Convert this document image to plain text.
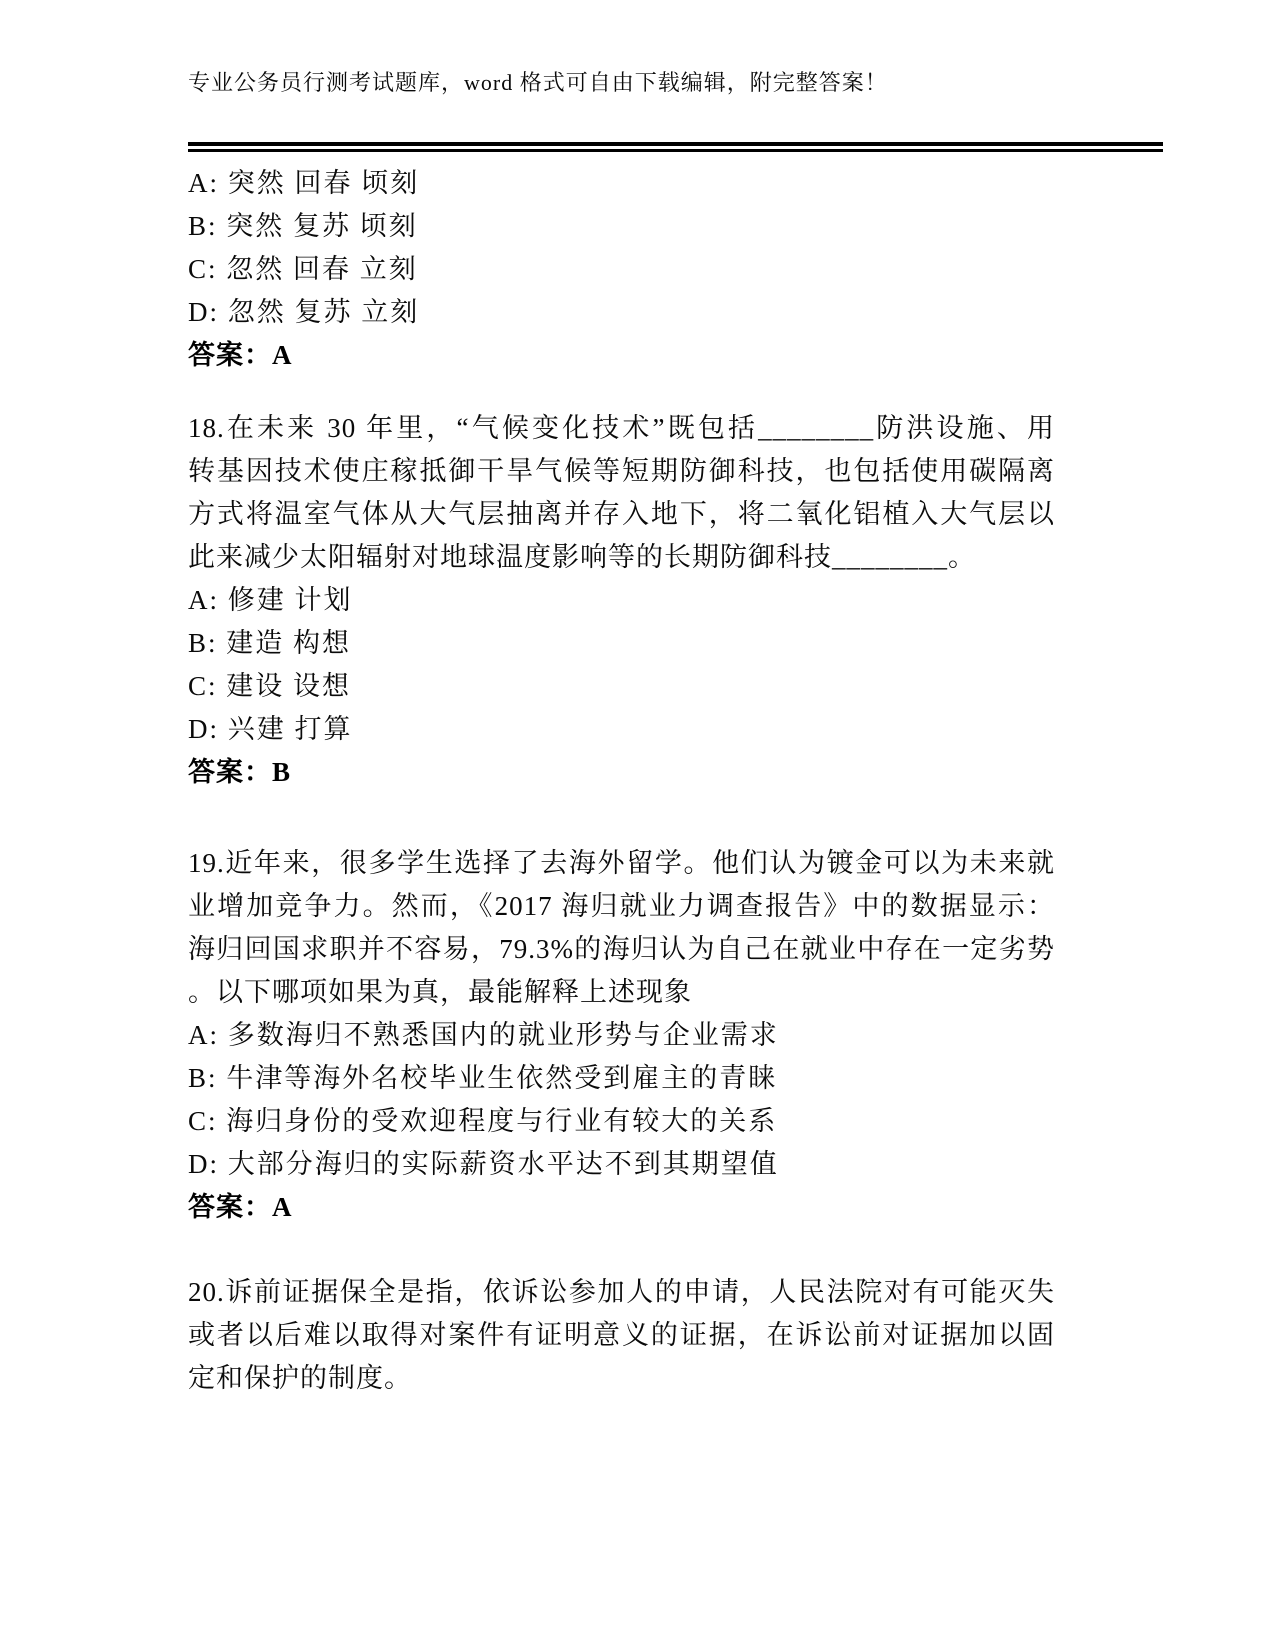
专业公务员行测考试题库，word 格式可自由下载编辑，附完整答案！
A: 突然 回春 顷刻
B: 突然 复苏 顷刻
C: 忽然 回春 立刻
D: 忽然 复苏 立刻
答案：A
18.在未来 30 年里，“气候变化技术”既包括________防洪设施、用
转基因技术使庄稼抵御干旱气候等短期防御科技，也包括使用碳隔离
方式将温室气体从大气层抽离并存入地下，将二氧化铝植入大气层以
此来减少太阳辐射对地球温度影响等的长期防御科技________。
A: 修建 计划
B: 建造 构想
C: 建设 设想
D: 兴建 打算
答案：B
19.近年来，很多学生选择了去海外留学。他们认为镀金可以为未来就
业增加竞争力。然而，《2017 海归就业力调查报告》中的数据显示：
海归回国求职并不容易，79.3%的海归认为自己在就业中存在一定劣势
。以下哪项如果为真，最能解释上述现象
A: 多数海归不熟悉国内的就业形势与企业需求
B: 牛津等海外名校毕业生依然受到雇主的青睐
C: 海归身份的受欢迎程度与行业有较大的关系
D: 大部分海归的实际薪资水平达不到其期望值
答案：A
20.诉前证据保全是指，依诉讼参加人的申请，人民法院对有可能灭失
或者以后难以取得对案件有证明意义的证据，在诉讼前对证据加以固
定和保护的制度。
